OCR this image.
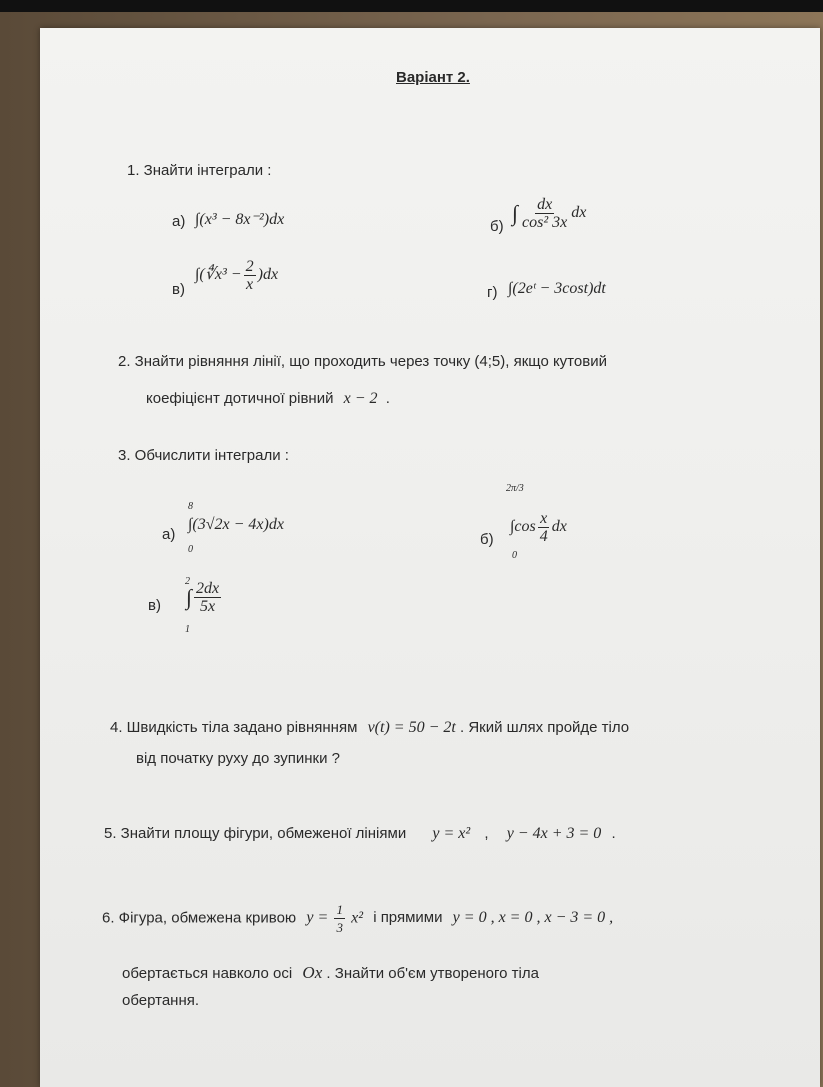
Варіант 2.
1. Знайти інтеграли :
а) ∫(x³ − 8x⁻²)dx	б)
∫ $\frac{dx}{\text{cos² 3x}}$ dx
в)
∫(∜x³ − $\frac{2}{x} )dx$
г) ∫(2eᵗ − 3cost)dt
2. Знайти рівняння лінії, що проходить через точку (4;5), якщо кутовий
коефіцієнт дотичної рівний x − 2 .
3. Обчислити інтеграли :
а)
8
0
∫(3√2x − 4x)dx
б)
2π/3
0
$\int\cos \frac{x}{4}$ dx
в)
2
1
∫ $\frac{2dx}{5x}$
4. Швидкість тіла задано рівнянням v(t) = 50 − 2t . Який шлях пройде тіло
від початку руху до зупинки ?
5. Знайти площу фігури, обмеженої лініями y = x² , y − 4x + 3 = 0 .
6. Фігура, обмежена кривою $y = \frac{1}{3} x^2$ і прямими y = 0 , x = 0 , x − 3 = 0 ,
обертається навколо осі Ox . Знайти об'єм утвореного тіла
обертання.
